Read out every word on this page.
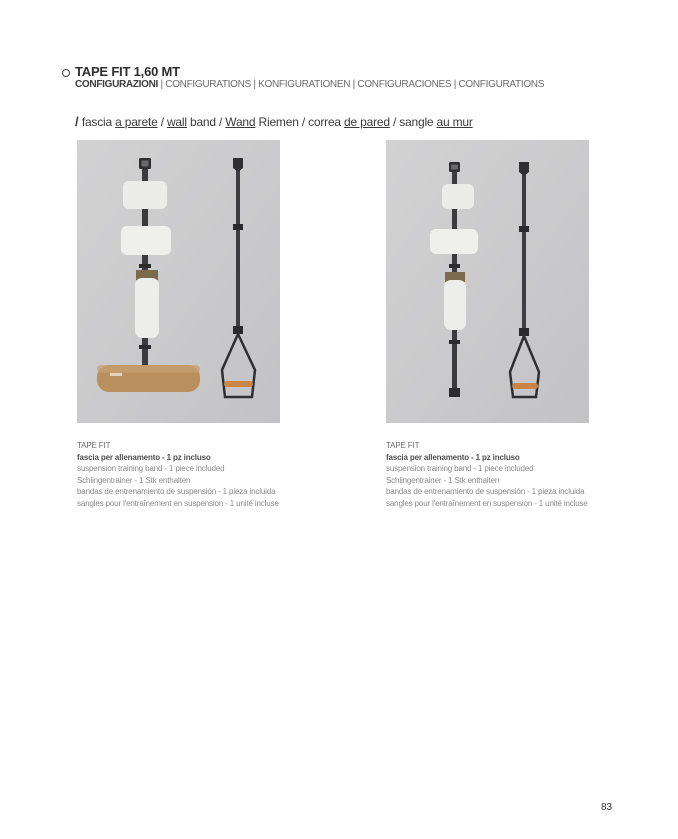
TAPE FIT 1,60 MT
CONFIGURAZIONI | CONFIGURATIONS | KONFIGURATIONEN | CONFIGURACIONES | CONFIGURATIONS
/ fascia a parete / wall band / Wand Riemen / correa de pared / sangle au mur
TAPE FIT
fascia per allenamento - 1 pz incluso
suspension training band - 1 piece included
Schlingentrainer - 1 Stk enthalten
bandas de entrenamiento de suspensión - 1 pieza incluida
sangles pour l'entraînement en suspension - 1 unité incluse
TAPE FIT
fascia per allenamento - 1 pz incluso
suspension training band - 1 piece included
Schlingentrainer - 1 Stk enthalten
bandas de entrenamiento de suspensión - 1 pieza incluida
sangles pour l'entraînement en suspension - 1 unité incluse
83
